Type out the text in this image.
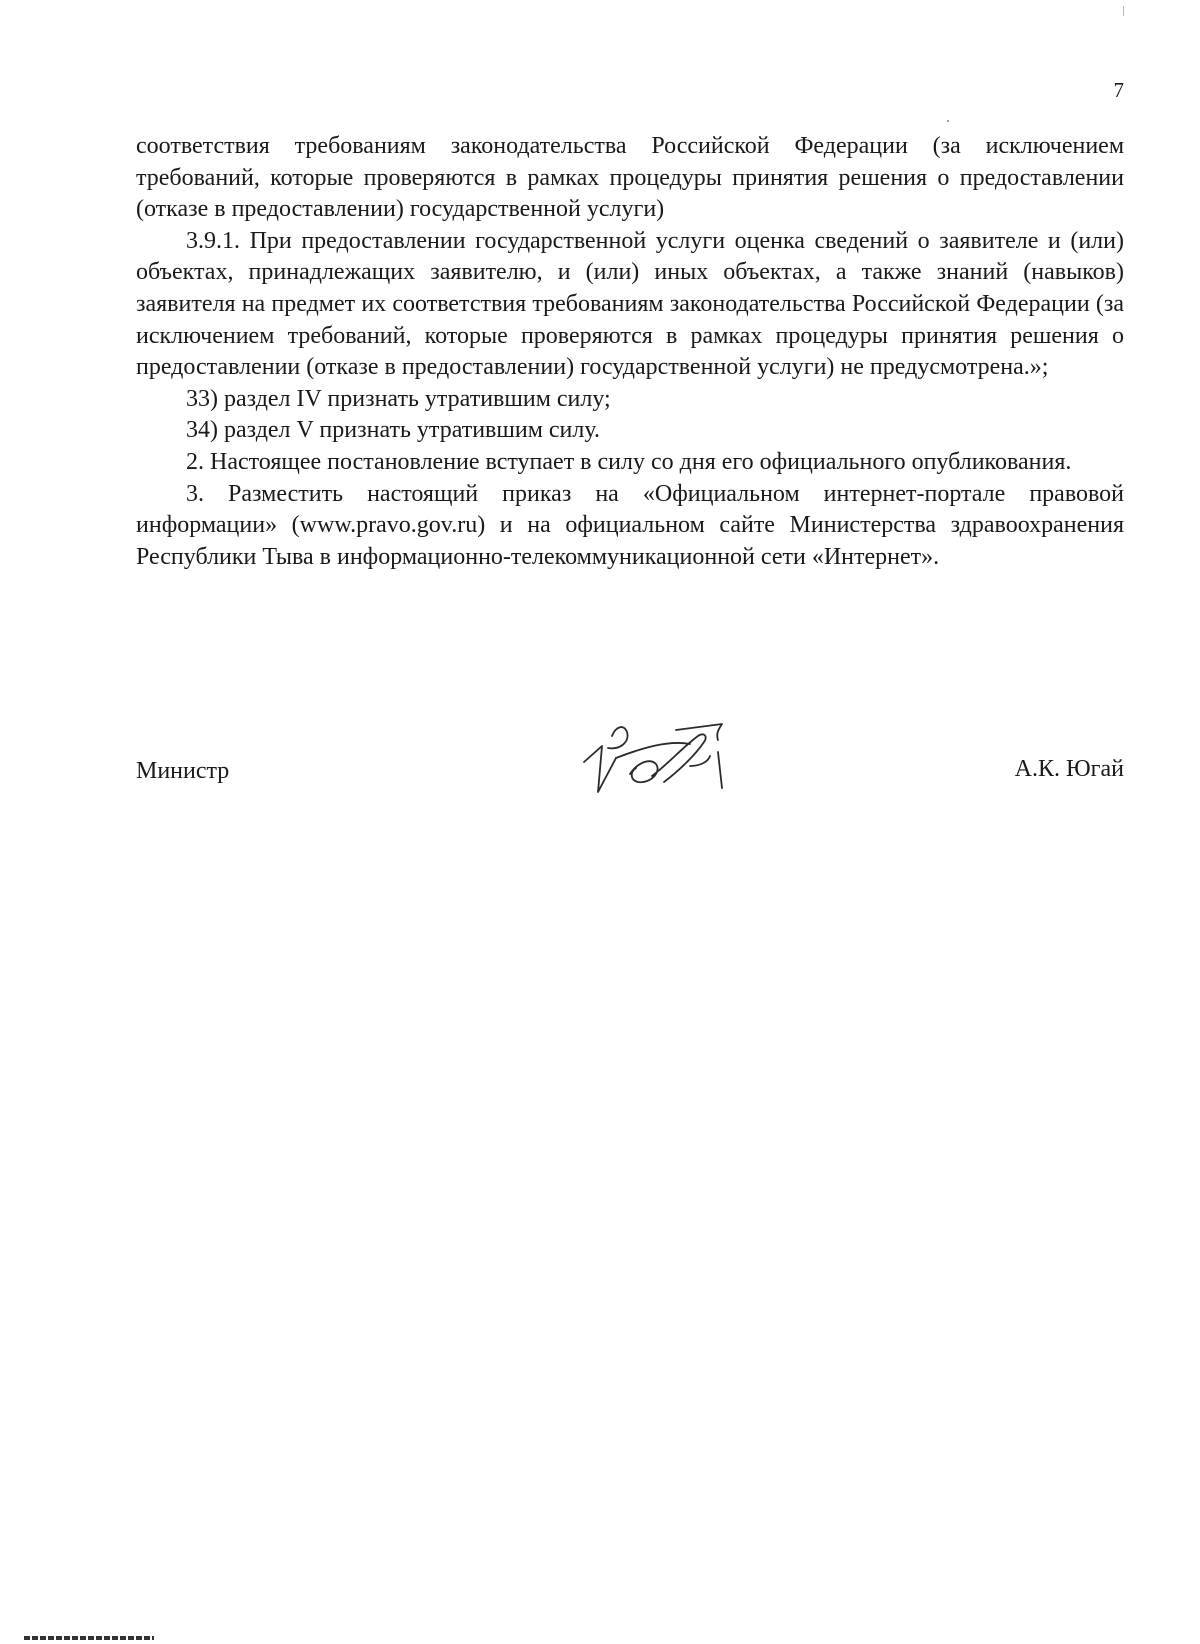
7

соответствия требованиям законодательства Российской Федерации (за исключением требований, которые проверяются в рамках процедуры принятия решения о предоставлении (отказе в предоставлении) государственной услуги)

3.9.1. При предоставлении государственной услуги оценка сведений о заявителе и (или) объектах, принадлежащих заявителю, и (или) иных объектах, а также знаний (навыков) заявителя на предмет их соответствия требованиям законодательства Российской Федерации (за исключением требований, которые проверяются в рамках процедуры принятия решения о предоставлении (отказе в предоставлении) государственной услуги) не предусмотрена.»;

33) раздел IV признать утратившим силу;

34) раздел V признать утратившим силу.

2. Настоящее постановление вступает в силу со дня его официального опубликования.

3. Разместить настоящий приказ на «Официальном интернет-портале правовой информации» (www.pravo.gov.ru) и на официальном сайте Министерства здравоохранения Республики Тыва в информационно-телекоммуникационной сети «Интернет».

Министр	А.К. Югай
